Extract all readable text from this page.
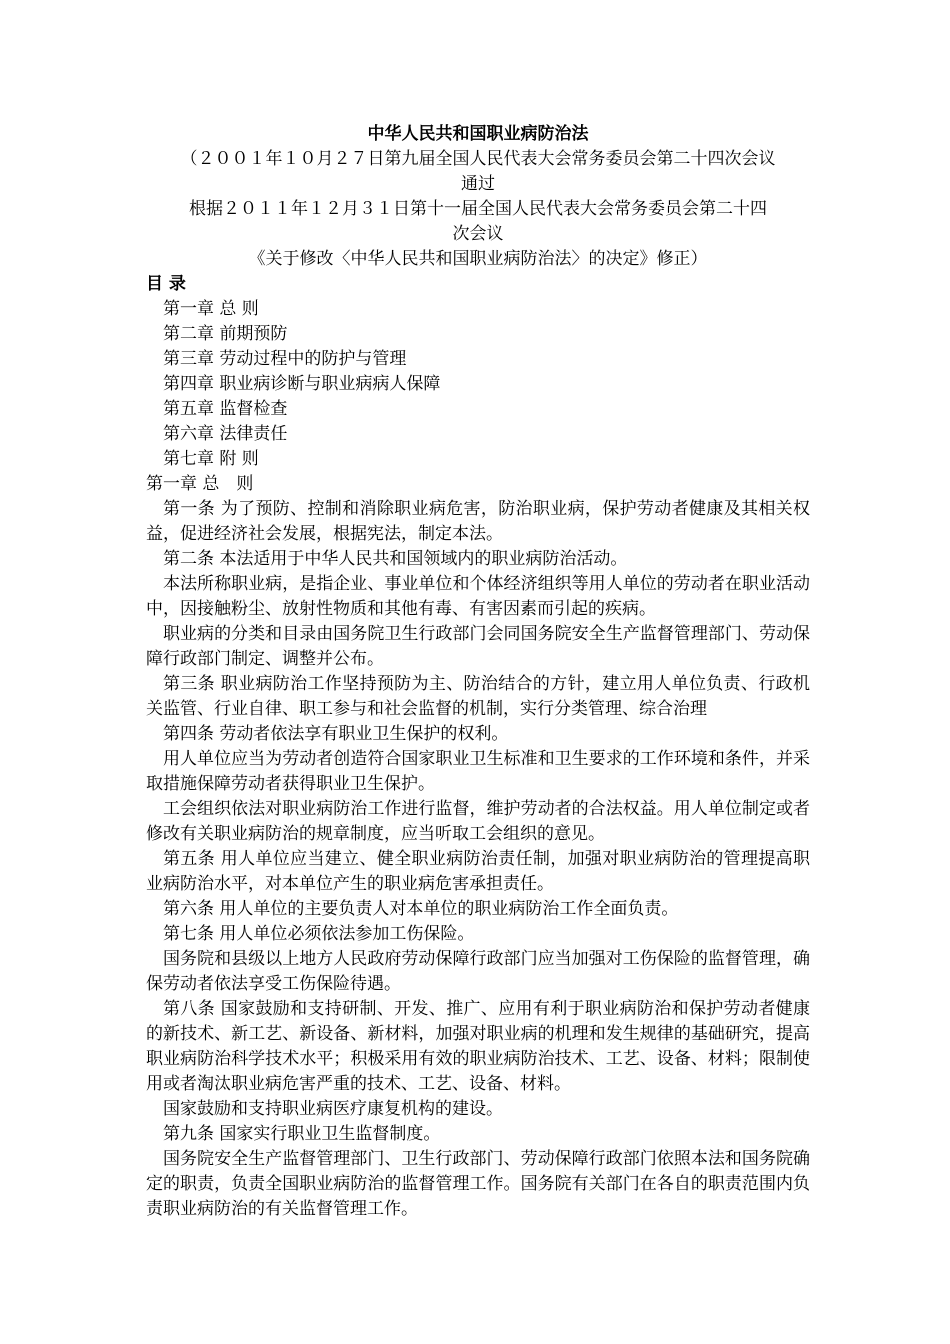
中华人民共和国职业病防治法
（２００１年１０月２７日第九届全国人民代表大会常务委员会第二十四次会议
通过
根据２０１１年１２月３１日第十一届全国人民代表大会常务委员会第二十四
次会议
《关于修改〈中华人民共和国职业病防治法〉的决定》修正）
目 录
第一章 总 则
第二章 前期预防
第三章 劳动过程中的防护与管理
第四章 职业病诊断与职业病病人保障
第五章 监督检查
第六章 法律责任
第七章 附 则
第一章 总　则

第一条 为了预防、控制和消除职业病危害，防治职业病，保护劳动者健康及其相关权益，促进经济社会发展，根据宪法，制定本法。

第二条 本法适用于中华人民共和国领域内的职业病防治活动。

本法所称职业病，是指企业、事业单位和个体经济组织等用人单位的劳动者在职业活动中，因接触粉尘、放射性物质和其他有毒、有害因素而引起的疾病。

职业病的分类和目录由国务院卫生行政部门会同国务院安全生产监督管理部门、劳动保障行政部门制定、调整并公布。

第三条 职业病防治工作坚持预防为主、防治结合的方针，建立用人单位负责、行政机关监管、行业自律、职工参与和社会监督的机制，实行分类管理、综合治理

第四条 劳动者依法享有职业卫生保护的权利。

用人单位应当为劳动者创造符合国家职业卫生标准和卫生要求的工作环境和条件，并采取措施保障劳动者获得职业卫生保护。

工会组织依法对职业病防治工作进行监督，维护劳动者的合法权益。用人单位制定或者修改有关职业病防治的规章制度，应当听取工会组织的意见。

第五条 用人单位应当建立、健全职业病防治责任制，加强对职业病防治的管理提高职业病防治水平，对本单位产生的职业病危害承担责任。

第六条 用人单位的主要负责人对本单位的职业病防治工作全面负责。

第七条 用人单位必须依法参加工伤保险。

国务院和县级以上地方人民政府劳动保障行政部门应当加强对工伤保险的监督管理，确保劳动者依法享受工伤保险待遇。

第八条 国家鼓励和支持研制、开发、推广、应用有利于职业病防治和保护劳动者健康的新技术、新工艺、新设备、新材料，加强对职业病的机理和发生规律的基础研究，提高职业病防治科学技术水平；积极采用有效的职业病防治技术、工艺、设备、材料；限制使用或者淘汰职业病危害严重的技术、工艺、设备、材料。

国家鼓励和支持职业病医疗康复机构的建设。

第九条 国家实行职业卫生监督制度。

国务院安全生产监督管理部门、卫生行政部门、劳动保障行政部门依照本法和国务院确定的职责，负责全国职业病防治的监督管理工作。国务院有关部门在各自的职责范围内负责职业病防治的有关监督管理工作。
